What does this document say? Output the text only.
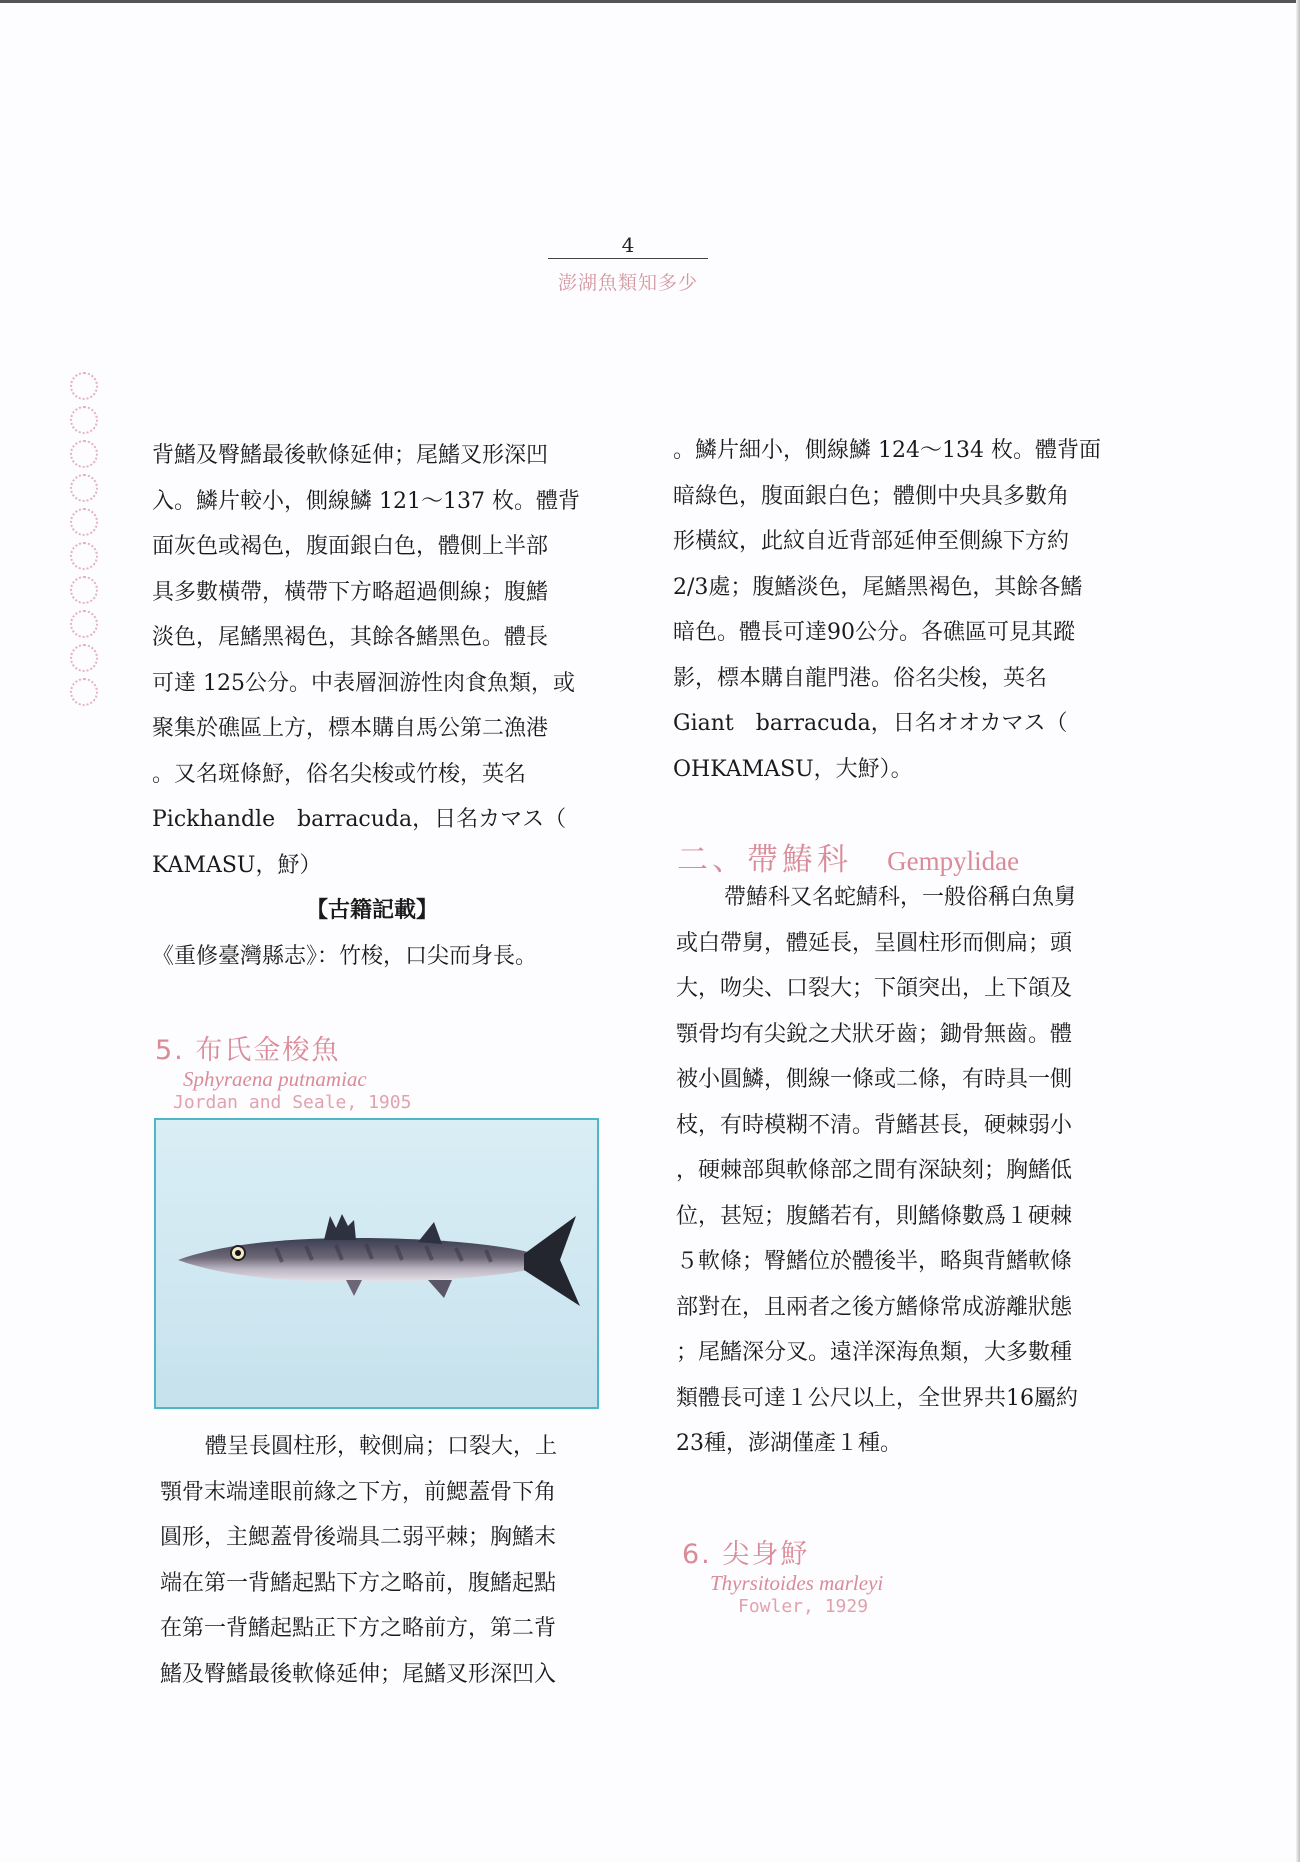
4
澎湖魚類知多少

背鰭及臀鰭最後軟條延伸；尾鰭叉形深凹

入。鱗片較小，側線鱗 121～137 枚。體背

面灰色或褐色，腹面銀白色，體側上半部

具多數橫帶，橫帶下方略超過側線；腹鰭

淡色，尾鰭黑褐色，其餘各鰭黑色。體長

可達 125公分。中表層洄游性肉食魚類，或

聚集於礁區上方，標本購自馬公第二漁港

。又名斑條魣，俗名尖梭或竹梭，英名

Pickhandle　barracuda，日名カマス（

KAMASU，魣）

【古籍記載】

《重修臺灣縣志》：竹梭，口尖而身長。

5. 布氏金梭魚
Sphyraena putnamiac
Jordan and Seale, 1905

體呈長圓柱形，較側扁；口裂大，上

顎骨末端達眼前緣之下方，前鰓蓋骨下角

圓形，主鰓蓋骨後端具二弱平棘；胸鰭末

端在第一背鰭起點下方之略前，腹鰭起點

在第一背鰭起點正下方之略前方，第二背

鰭及臀鰭最後軟條延伸；尾鰭叉形深凹入

。鱗片細小，側線鱗 124～134 枚。體背面

暗綠色，腹面銀白色；體側中央具多數角

形橫紋，此紋自近背部延伸至側線下方約

2/3處；腹鰭淡色，尾鰭黑褐色，其餘各鰭

暗色。體長可達90公分。各礁區可見其蹤

影，標本購自龍門港。俗名尖梭，英名

Giant　barracuda，日名オオカマス（

OHKAMASU，大魣）。

二、帶鰆科 Gempylidae

帶鰆科又名蛇鯖科，一般俗稱白魚舅

或白帶舅，體延長，呈圓柱形而側扁；頭

大，吻尖、口裂大；下頜突出，上下頜及

顎骨均有尖銳之犬狀牙齒；鋤骨無齒。體

被小圓鱗，側線一條或二條，有時具一側

枝，有時模糊不清。背鰭甚長，硬棘弱小

，硬棘部與軟條部之間有深缺刻；胸鰭低

位，甚短；腹鰭若有，則鰭條數爲１硬棘

５軟條；臀鰭位於體後半，略與背鰭軟條

部對在，且兩者之後方鰭條常成游離狀態

；尾鰭深分叉。遠洋深海魚類，大多數種

類體長可達１公尺以上，全世界共16屬約

23種，澎湖僅產１種。

6. 尖身魣
Thyrsitoides marleyi
Fowler, 1929
